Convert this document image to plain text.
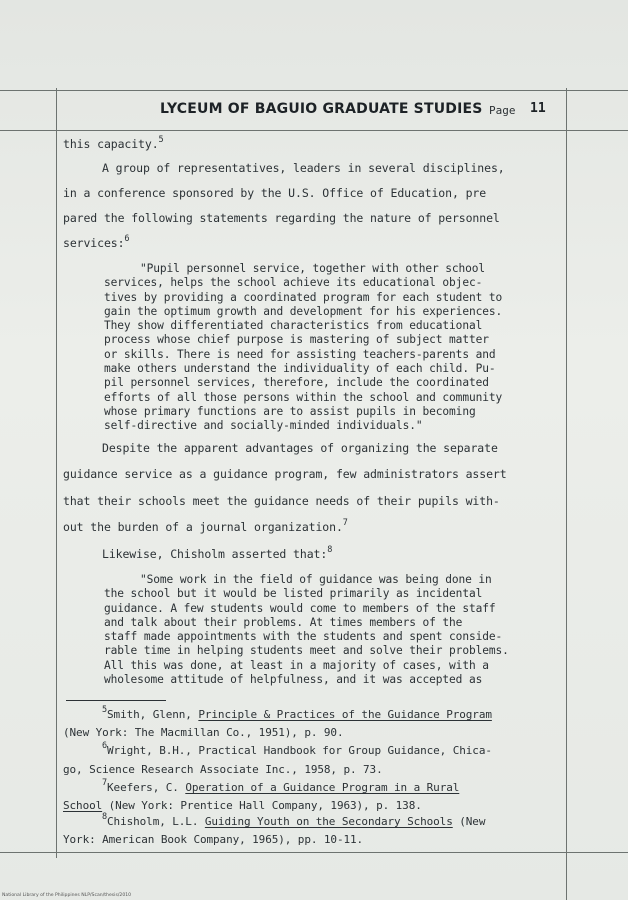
LYCEUM OF BAGUIO GRADUATE STUDIES Page 11
this capacity.$^5$
A group of representatives, leaders in several disciplines,
in a conference sponsored by the U.S. Office of Education, pre
pared the following statements regarding the nature of personnel
services:$^6$
"Pupil personnel service, together with other school
services, helps the school achieve its educational objec-
tives by providing a coordinated program for each student to
gain the optimum growth and development for his experiences.
They show differentiated characteristics from educational
process whose chief purpose is mastering of subject matter
or skills. There is need for assisting teachers-parents and
make others understand the individuality of each child. Pu-
pil personnel services, therefore, include the coordinated
efforts of all those persons within the school and community
whose primary functions are to assist pupils in becoming
self-directive and socially-minded individuals."
Despite the apparent advantages of organizing the separate
guidance service as a guidance program, few administrators assert
that their schools meet the guidance needs of their pupils with-
out the burden of a journal organization.$^7$
Likewise, Chisholm asserted that:$^8$
"Some work in the field of guidance was being done in
the school but it would be listed primarily as incidental
guidance. A few students would come to members of the staff
and talk about their problems. At times members of the
staff made appointments with the students and spent conside-
rable time in helping students meet and solve their problems.
All this was done, at least in a majority of cases, with a
wholesome attitude of helpfulness, and it was accepted as
$^5$Smith, Glenn, Principle & Practices of the Guidance Program
(New York: The Macmillan Co., 1951), p. 90.
$^6$Wright, B.H., Practical Handbook for Group Guidance, Chica-
go, Science Research Associate Inc., 1958, p. 73.
$^7$Keefers, C. Operation of a Guidance Program in a Rural
School (New York: Prentice Hall Company, 1963), p. 138.
$^8$Chisholm, L.L. Guiding Youth on the Secondary Schools (New
York: American Book Company, 1965), pp. 10-11.
National Library of the Philippines NLP/Scan/thesis/2010
